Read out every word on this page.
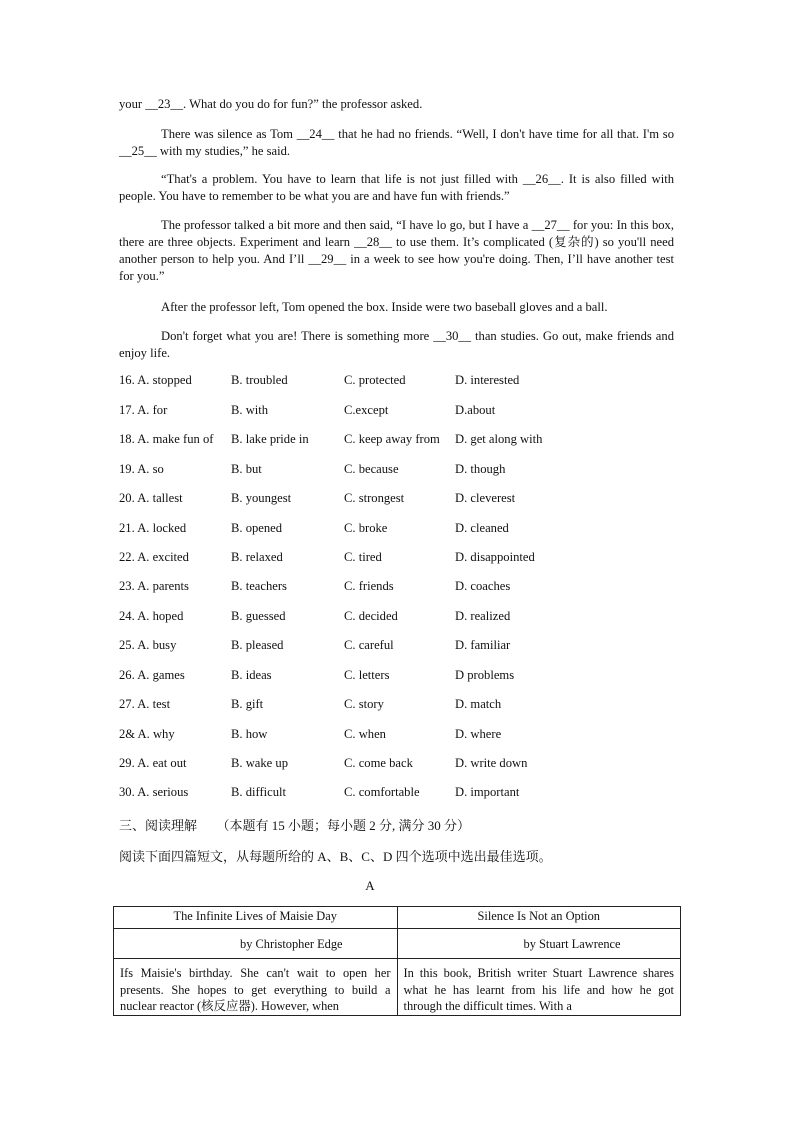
your __23__. What do you do for fun?” the professor asked.

There was silence as Tom __24__ that he had no friends. “Well, I don't have time for all that. I'm so __25__ with my studies,” he said.

“That's a problem. You have to learn that life is not just filled with __26__. It is also filled with people. You have to remember to be what you are and have fun with friends.”

The professor talked a bit more and then said, “I have lo go, but I have a __27__ for you: In this box, there are three objects. Experiment and learn __28__ to use them. It’s complicated (复杂的) so you'll need another person to help you. And I’ll __29__ in a week to see how you're doing. Then, I’ll have another test for you.”

After the professor left, Tom opened the box. Inside were two baseball gloves and a ball.

Don't forget what you are! There is something more __30__ than studies. Go out, make friends and enjoy life.

16. A. stopped	B. troubled	C. protected	D. interested
17. A. for	B. with	C.except	D.about
18. A. make fun of B. lake pride in	C. keep away from D. get along with
19. A. so	B. but	C. because	D. though
20. A. tallest	B. youngest	C. strongest	D. cleverest
21. A. locked	B. opened	C. broke	D. cleaned
22. A. excited	B. relaxed	C. tired	D. disappointed
23. A. parents	B. teachers	C. friends	D. coaches
24. A. hoped	B. guessed	C. decided	D. realized
25. A. busy	B. pleased	C. careful	D. familiar
26. A. games	B. ideas	C. letters	D problems
27. A. test	B. gift	C. story	D. match
2& A. why	B. how	C. when	D. where
29. A. eat out	B. wake up	C. come back	D. write down
30. A. serious	B. difficult	C. comfortable	D. important
三、阅读理解　　（本题有 15 小题；每小题 2 分, 满分 30 分）
阅读下面四篇短文，从每题所给的 A、B、C、D 四个选项中选出最佳选项。
A
The Infinite Lives of Maisie Day	Silence Is Not an Option

by Christopher Edge	by Stuart Lawrence

Ifs Maisie's birthday. She can't wait to open her presents. She hopes to get everything to build a nuclear reactor (核反应器). However, when	In this book, British writer Stuart Lawrence shares what he has learnt from his life and how he got through the difficult times. With a
